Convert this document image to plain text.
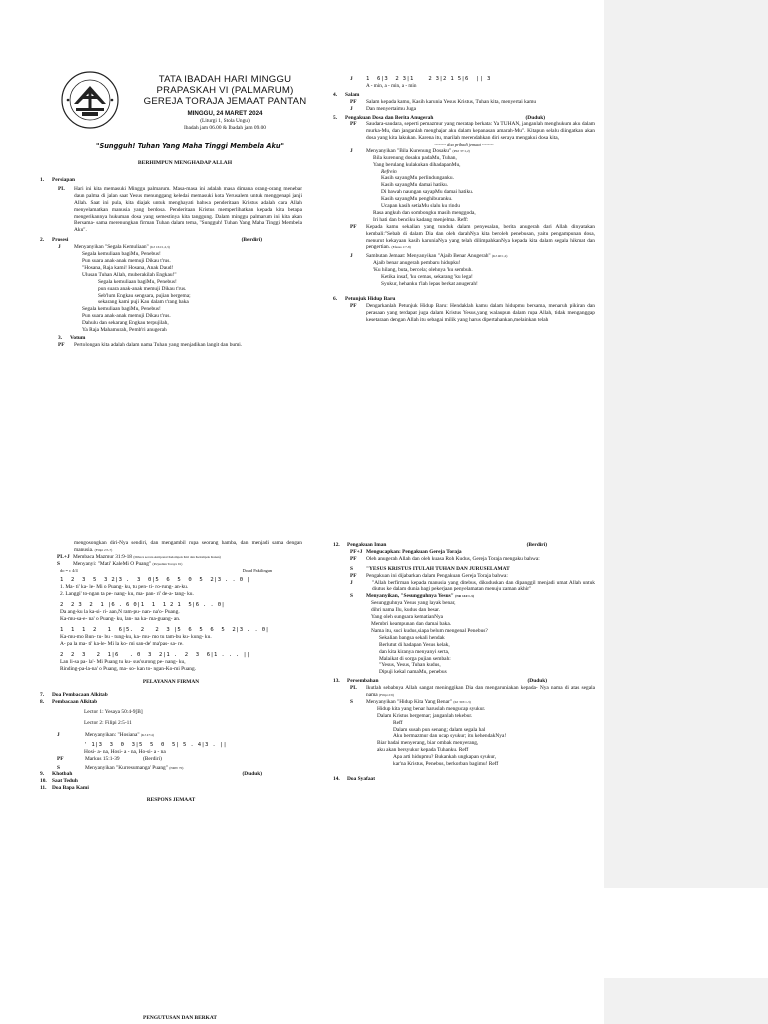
TATA IBADAH HARI MINGGU
PRAPASKAH VI (PALMARUM)
GEREJA TORAJA JEMAAT PANTAN
MINGGU, 24 MARET 2024
(Liturgi 1, Stola Ungu)
Ibadah jam 06.00 & Ibadah jam 09.00
"Sungguh! Tuhan Yang Maha Tinggi Membela Aku"
BERHIMPUN MENGHADAP ALLAH
1.	Persiapan
PL	Hari ini kita memasuki Minggu palmarum. Masa-masa ini adalah masa dimana orang-orang menebar daun palma di jalan saat Yesus menunggang keledai memasuki kota Yerusalem untuk menggenapi janji Allah. Saat ini pula, kita diajak untuk menghayati bahwa penderitaan Kristus adalah cara Allah menyelamatkan manusia yang berdosa. Penderitaan Kristus memperlihatkan kepada kita betapa mengerikannya hukuman dosa yang semestinya kita tanggung. Dalam minggu palmarum ini kita akan Bersama- sama merenungkan firman Tuhan dalam tema, "Sungguh! Tuhan Yang Maha Tinggi Membela Aku".
2. Prosesi	(Berdiri)
J	Menyanyikan "Segala Kemuliaan" (KJ 161:1,2,3)
Segala kemuliaan bagiMu, Penebus!
Pun suara anak-anak memuji Dikau t'rus.
"Hosana, Raja kami! Hosana, Anak Daud!
Ulusan Tuhan Allah, muberakilah Engkau!"
Segala kemuliaan bagiMu, Penebus!
pun suara anak-anak memuji Dikau t'rus.
Seb'lum Engkau sengsara, pujian bergema;
sekarang kami puji Kau dalam t'rang baka
Segala kemuliaan bagiMu, Penebus!
Pun suara anak-anak memuji Dikau t'rus.
Dahulu dan sekarang Engkau terpujilah,
Ya Raja Mahamurah, Pemb'ri anugerah
3.	Votum
PF	Pertolongan kita adalah dalam nama Tuhan yang menjadikan langit dan bumi.
J	1  6|3  2 3|1    2 3|2 1 5|6  || 3
A - min, a - min, a - min
4.	Salam
PF	Salam kepada kamu, Kasih karunia Yesus Kristus, Tuhan kita, menyertai kamu
J	Dan menyertaimu Juga
5. Pengakuan Dosa dan Berita Anugerah	(Duduk)
PF	Saudara-saudara, seperti pemazmur yang meratap berkata: Ya TUHAN, janganlah menghukum aku dalam murka-Mu, dan janganlah menghajar aku dalam kepanasan amarah-Mu". Kitapun selalu diingatkan akan dosa yang kita lakukan. Karena itu, marilah merendahkan diri serayа mengakui dosa kita,
-------- doa pribadi jemaat --------
J	Menyanyikan "Bila Kurenung Dosaku" (PKJ 37:1,2)
Bila kurenung dosaku padaMu, Tuhan,
Yang berulang kulakukan dihadapanMu,
Refrein
Kasih sayangMu perlindunganku.
Kasih sayangMu damai hatiku.
Di bawah naungan sayapMu damai hatiku.
Kasih sayangMu penghiburanku.
Ucapan kasih setiaMu slalu ku rindu
Rasa angkuh dan sombongku masih menggoda,
Iri hati dan benciku kadang menjelma. Reff:
PF	Kepada kamu sekalian yang tunduk dalam penyesalan, berita anugerah dari Allah dinyatakan kembali:"Sebab di dalam Dia dan oleh darahNya kita beroleh penebusan, yaitu pengampunan dosa, menurut kekayaan kasih karuniaNya yang telah dilimpahkanNya kepada kita dalam segala hikmat dan pengertian. (Efesus 1:7-8)
J	Sambutan Jemaat: Menyanyikan "Ajaib Benar Anugerah" (KJ 40:1,2)
Ajaib benar anugerah pembaru hidupku!
'Ku hilang, buta, bercela; olehnya 'ku sembuh.
Ketika insaf, 'ku cemas, sekarang 'ku lega!
Syukur, hehanku t'lah lepas berkat anugerah!
6.	Petunjuk Hidup Baru
PF	Dengarkanlah Petunjuk Hidup Baru: Hendaklah kamu dalam hidupmu bersama, menaruh pikiran dan perasaan yang terdapat juga dalam Kristus Yesus,yang walaupun dalam rupa Allah, tidak menganggap kesetaraan dengan Allah itu sebagai milik yang harus dipertahankan,melainkan telah
mengosongkan diri-Nya sendiri, dan mengambil rupa seorang hamba, dan menjadi sama dengan manusia. (Filipi 2:5-7)
PL+J Membaca Mazmur 31:9-18 (Dibaca secara Antiponal Kelompok Kiri dan Kelompok Kanan)
S	Menyanyi: "Mati' KaleMi O Puang" (Pa'pudian Toraya 91)
do = c 4/4	Doad Pakilingan
1  2  3  5  3 2|3 .  3  0|5  6  5  0  5  2|3 . . 0 |
1. Ma- ti' ka- le- Mi o Puang- ku, tu pen- ti- ro-rung- an-ku.
2. Langgi' to-ngan ta pe- nang- ku, ma- pan- ri' de-a- tang- ku.
2  2 3  2  1 |6 . 6 0|1  1  1 2 1  5|6 . . 0|
Da ang-ku la ka-si- ri- aan,N ram-pu- nan- na'o- Puang.
Ka-mu-sa-e- na' o Puang- ku, lan- na ka- ma-guang- an.
1  1  1  2   1  6|5.  2   2  3 |5  6  5  6  5  2|3 . . 0|
Ka-mu-mo Bun- tu- bu - tung-ku, ka- mu- mo tu tam-bu ku- kung- ku.
A- pa la ma- ti' ka-le- Mi la ko- mi san-de' ma'pas- sa- re.
2  2  3   2  1|6   . 0  3  2|1 .  2  3  6|1 . . . ||
Lan li-sa pa- la'- Mi Puang tu ku- sus'surong pe- nang- ku,
Rinding-pa-la-na' o Puang, ma- so- kan to- ngan-Ko-mi Puang.
PELAYANAN FIRMAN
7.	Doa Pembacaan Alkitab
8.	Pembacaan Alkitab
Lector 1: Yesaya 50:4-9[B]
Lector 2: Filipi 2:5-11
J	Menyanyikan: "Hosiana" (KJ 47/4)
' 1|3  3  0  3|5  5  0  5| 5 . 4|3 . ||
Hosi- a- na, Hosi- a - na, Ho-si- a - na
PF	Markus 15:1-39	(Berdiri)
S	Menyanyikan "Kurresumanga' Puang" (NRW 70)
9. Khotbah	(Duduk)
10. Saat Teduh
11.	Doa Bapa Kami
RESPONS JEMAAT
12. Pengakuan Iman	(Berdiri)
PF+J Mengucapkan: Pengakuan Gereja Toraja
PF	Oleh anugerah Allah dan oleh kuasa Roh Kudus, Gereja Toraja mengaku bahwa:
S	"YESUS KRISTUS ITULAH TUHAN DAN JURUSELAMAT
PF	Pengakuan ini dijabarkan dalam Pengakuan Gereja Toraja bahwa:
J	"Allah berfirman kepada manusia yang ditebus, dikuduskan dan dipanggil menjadi umat Allah untuk diutus ke dalam dunia bagi pekerjaan penyelamatan menuju zaman akhir"
S	Menyanyikan, "Sesungguhnya Yesus" (NR 144:1-3)
Sesungguhnya Yesus yang layak benar,
dihri nama Ilu, kudus dan besar.
Yang oleh sungsara kematianNya
Membri keampunan dan damai baka.
Nama itu, suci kudus,siapa belum mengenal Penebus?
Sekalian bangsa sekali hendak
Berlutut di hadapan Yesus kelak,
dan kita kiranya menyanyi serta,
Malaikat di sorga pujian sembah:
"Yesus, Yesus, Tuhan kudus,
Dipuji kekal namaMu, penebus
13. Persembahan	(Duduk)
PL	Ikutlah sebabnya Allah sangat meninggikan Dia dan mengaruniakan kepada- Nya nama di atas segala nama (Filipi 2:9)
S	Menyanyikan "Hidup Kita Yang Benar" (KJ 303:1-3)
Hidup kita yang benar haruslah mengucap syukur.
Dalam Kristus bergemar; janganlah tekebur.
Reff
Dalam susah pun senang; dalam segala hal
Aku bermazmur dan ucap syukur; itu kehendakNya!
Biar badai menyerang, biar ombak menyerang,
aku akan bersyukur kepada Tuhanku. Reff
Apa arti hidupmu? Bukankah ungkapan syukur,
kar'na Kristus, Penebus, berkorban bagimu! Reff
14.	Doa Syafaat
PENGUTUSAN DAN BERKAT
